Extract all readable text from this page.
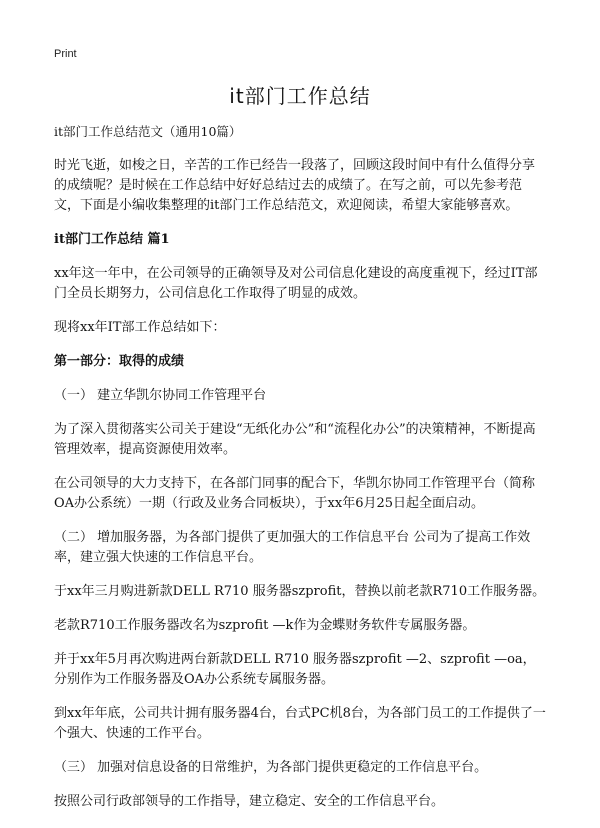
Print
it部门工作总结
it部门工作总结范文（通用10篇）

时光飞逝，如梭之日，辛苦的工作已经告一段落了，回顾这段时间中有什么值得分享的成绩呢？是时候在工作总结中好好总结过去的成绩了。在写之前，可以先参考范文，下面是小编收集整理的it部门工作总结范文，欢迎阅读，希望大家能够喜欢。

it部门工作总结 篇1

xx年这一年中，在公司领导的正确领导及对公司信息化建设的高度重视下，经过IT部门全员长期努力，公司信息化工作取得了明显的成效。

现将xx年IT部工作总结如下：

第一部分：取得的成绩

（一） 建立华凯尔协同工作管理平台

为了深入贯彻落实公司关于建设“无纸化办公”和“流程化办公”的决策精神，不断提高管理效率，提高资源使用效率。

在公司领导的大力支持下，在各部门同事的配合下，华凯尔协同工作管理平台（简称OA办公系统）一期（行政及业务合同板块），于xx年6月25日起全面启动。

（二） 增加服务器，为各部门提供了更加强大的工作信息平台 公司为了提高工作效率，建立强大快速的工作信息平台。

于xx年三月购进新款DELL R710 服务器szprofit，替换以前老款R710工作服务器。

老款R710工作服务器改名为szprofit —k作为金蝶财务软件专属服务器。

并于xx年5月再次购进两台新款DELL R710 服务器szprofit —2、szprofit —oa，分别作为工作服务器及OA办公系统专属服务器。

到xx年年底，公司共计拥有服务器4台，台式PC机8台，为各部门员工的工作提供了一个强大、快速的工作平台。

（三） 加强对信息设备的日常维护，为各部门提供更稳定的工作信息平台。

按照公司行政部领导的工作指导，建立稳定、安全的工作信息平台。
